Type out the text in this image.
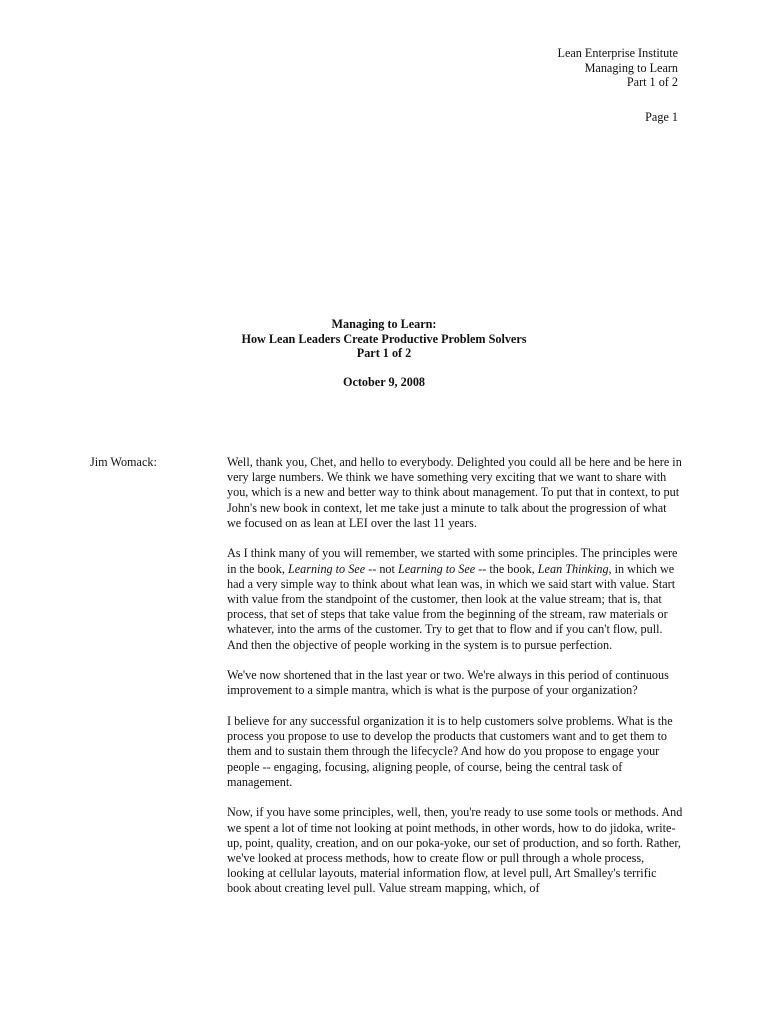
Lean Enterprise Institute
Managing to Learn
Part 1 of 2
Page 1
Managing to Learn:
How Lean Leaders Create Productive Problem Solvers
Part 1 of 2
October 9, 2008
Jim Womack:	Well, thank you, Chet, and hello to everybody. Delighted you could all be here and be here in very large numbers. We think we have something very exciting that we want to share with you, which is a new and better way to think about management. To put that in context, to put John's new book in context, let me take just a minute to talk about the progression of what we focused on as lean at LEI over the last 11 years.

As I think many of you will remember, we started with some principles. The principles were in the book, Learning to See -- not Learning to See -- the book, Lean Thinking, in which we had a very simple way to think about what lean was, in which we said start with value. Start with value from the standpoint of the customer, then look at the value stream; that is, that process, that set of steps that take value from the beginning of the stream, raw materials or whatever, into the arms of the customer. Try to get that to flow and if you can't flow, pull. And then the objective of people working in the system is to pursue perfection.

We've now shortened that in the last year or two. We're always in this period of continuous improvement to a simple mantra, which is what is the purpose of your organization?

I believe for any successful organization it is to help customers solve problems. What is the process you propose to use to develop the products that customers want and to get them to them and to sustain them through the lifecycle? And how do you propose to engage your people -- engaging, focusing, aligning people, of course, being the central task of management.

Now, if you have some principles, well, then, you're ready to use some tools or methods. And we spent a lot of time not looking at point methods, in other words, how to do jidoka, write-up, point, quality, creation, and on our poka-yoke, our set of production, and so forth. Rather, we've looked at process methods, how to create flow or pull through a whole process, looking at cellular layouts, material information flow, at level pull, Art Smalley's terrific book about creating level pull. Value stream mapping, which, of
